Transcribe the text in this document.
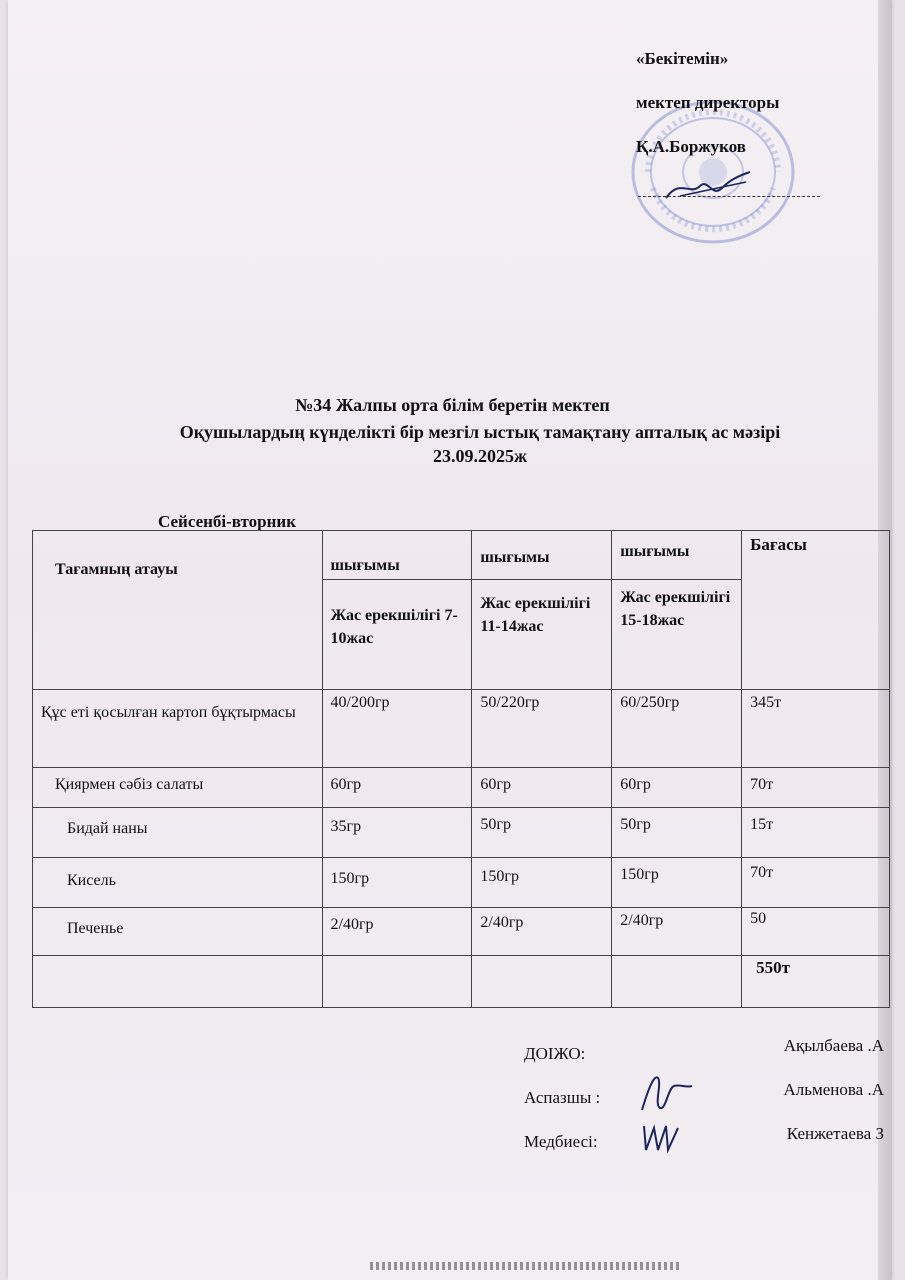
«Бекітемін»
мектеп директоры
Қ.А.Боржуков
№34 Жалпы орта білім беретін мектеп
Оқушылардың күнделікті бір мезгіл ыстық тамақтану апталық ас мәзірі
23.09.2025ж
Сейсенбі-вторник
Тағамның атауы	шығымы	шығымы	шығымы	Бағасы
	Жас ерекшілігі 7-10жас	Жас ерекшілігі 11-14жас	Жас ерекшілігі 15-18жас	
Құс еті қосылған картоп бұқтырмасы	40/200гр	50/220гр	60/250гр	345т
Қиярмен сәбіз салаты	60гр	60гр	60гр	70т
Бидай наны	35гр	50гр	50гр	15т
Кисель	150гр	150гр	150гр	70т
Печенье	2/40гр	2/40гр	2/40гр	50
				550т
ДОІЖО:	Ақылбаева .А
Аспазшы :	Альменова .А
Медбиесі:	Кенжетаева З
